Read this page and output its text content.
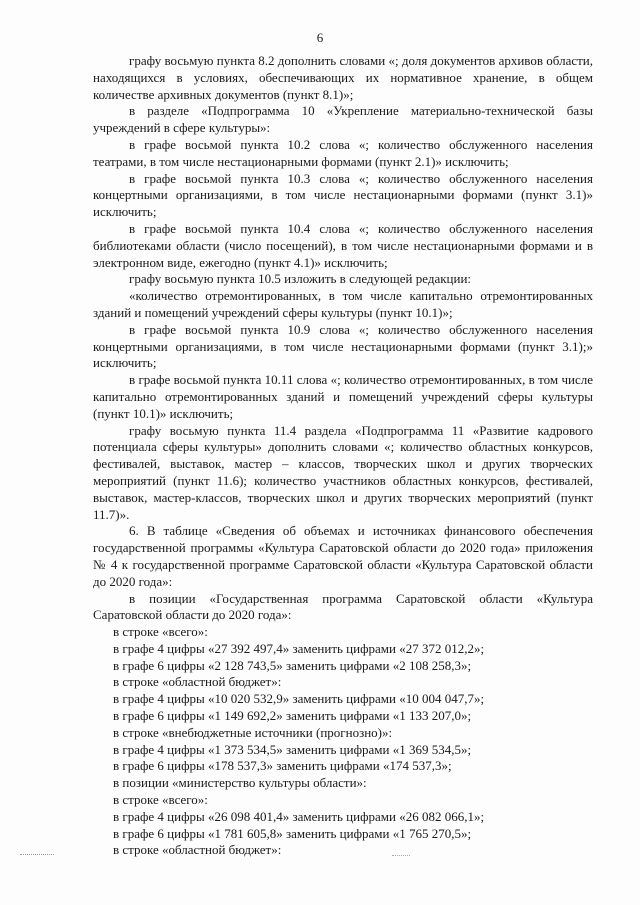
6

графу восьмую пункта 8.2 дополнить словами «; доля документов архивов области, находящихся в условиях, обеспечивающих их нормативное хранение, в общем количестве архивных документов (пункт 8.1)»;

в разделе «Подпрограмма 10 «Укрепление материально-технической базы учреждений в сфере культуры»:

в графе восьмой пункта 10.2 слова «; количество обслуженного населения театрами, в том числе нестационарными формами (пункт 2.1)» исключить;

в графе восьмой пункта 10.3 слова «; количество обслуженного населения концертными организациями, в том числе нестационарными формами (пункт 3.1)» исключить;

в графе восьмой пункта 10.4 слова «; количество обслуженного населения библиотеками области (число посещений), в том числе нестационарными формами и в электронном виде, ежегодно (пункт 4.1)» исключить;

графу восьмую пункта 10.5 изложить в следующей редакции:

«количество отремонтированных, в том числе капитально отремонтированных зданий и помещений учреждений сферы культуры (пункт 10.1)»;

в графе восьмой пункта 10.9 слова «; количество обслуженного населения концертными организациями, в том числе нестационарными формами (пункт 3.1);» исключить;

в графе восьмой пункта 10.11 слова «; количество отремонтированных, в том числе капитально отремонтированных зданий и помещений учреждений сферы культуры (пункт 10.1)» исключить;

графу восьмую пункта 11.4 раздела «Подпрограмма 11 «Развитие кадрового потенциала сферы культуры» дополнить словами «; количество областных конкурсов, фестивалей, выставок, мастер – классов, творческих школ и других творческих мероприятий (пункт 11.6); количество участников областных конкурсов, фестивалей, выставок, мастер-классов, творческих школ и других творческих мероприятий (пункт 11.7)».

6. В таблице «Сведения об объемах и источниках финансового обеспечения государственной программы «Культура Саратовской области до 2020 года» приложения № 4 к государственной программе Саратовской области «Культура Саратовской области до 2020 года»:

в позиции «Государственная программа Саратовской области «Культура Саратовской области до 2020 года»:

в строке «всего»:

в графе 4 цифры «27 392 497,4» заменить цифрами «27 372 012,2»;

в графе 6 цифры «2 128 743,5» заменить цифрами «2 108 258,3»;

в строке «областной бюджет»:

в графе 4 цифры «10 020 532,9» заменить цифрами «10 004 047,7»;

в графе 6 цифры «1 149 692,2» заменить цифрами «1 133 207,0»;

в строке «внебюджетные источники (прогнозно)»:

в графе 4 цифры «1 373 534,5» заменить цифрами «1 369 534,5»;

в графе 6 цифры «178 537,3» заменить цифрами «174 537,3»;

в позиции «министерство культуры области»:

в строке «всего»:

в графе 4 цифры «26 098 401,4» заменить цифрами «26 082 066,1»;

в графе 6 цифры «1 781 605,8» заменить цифрами «1 765 270,5»;

в строке «областной бюджет»:
